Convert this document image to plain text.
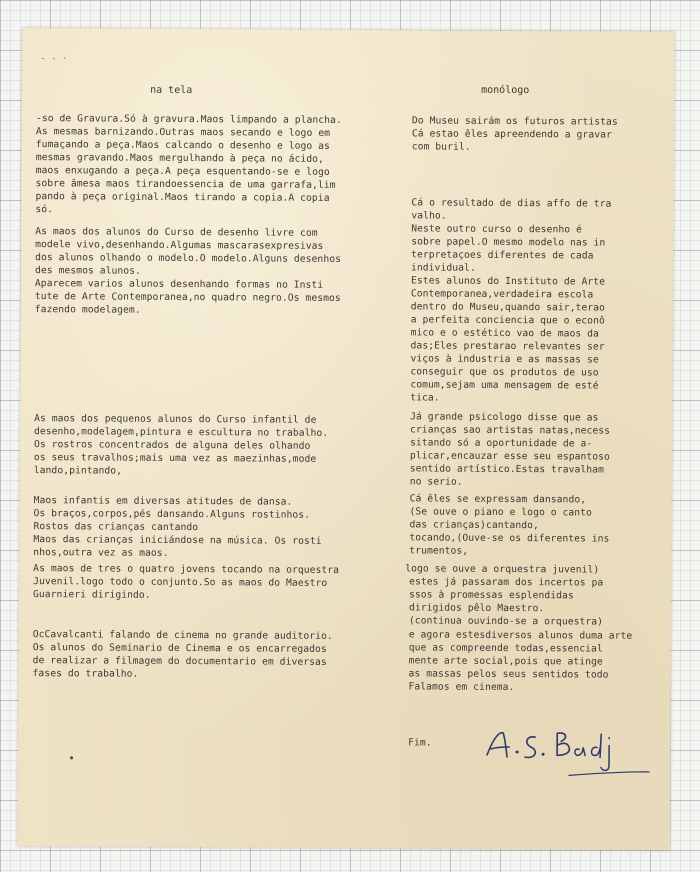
- - ·
na tela	monólogo
-so de Gravura.Só à gravura.Maos limpando a plancha.
As mesmas barnizando.Outras maos secando e logo em
fumaçando a peça.Maos calcando o desenho e logo as
mesmas gravando.Maos mergulhando à peça no ácido,
maos enxugando a peça.A peça esquentando-se e logo
sobre âmesa maos tirandoessencia de uma garrafa,lim
pando à peça original.Maos tirando a copia.A copia
só.
As maos dos alunos do Curso de desenho livre com
modele vivo,desenhando.Algumas mascarasexpresivas
dos alunos olhando o modelo.O modelo.Alguns desenhos
des mesmos alunos.
Aparecem varios alunos desenhando formas no Insti
tute de Arte Contemporanea,no quadro negro.Os mesmos
fazendo modelagem.
As maos dos pequenos alunos do Curso infantil de
desenho,modelagem,pintura e escultura no trabalho.
Os rostros concentrados de alguna deles olhando
os seus travalhos;mais uma vez as maezinhas,mode
lando,pintando,
Maos infantis em diversas atitudes de dansa.
Os braços,corpos,pés dansando.Alguns rostinhos.
Rostos das crianças cantando
Maos das crianças iniciándose na música. Os rosti
nhos,outra vez as maos.
As maos de tres o quatro jovens tocando na orquestra
Juvenil.logo todo o conjunto.So as maos do Maestro
Guarnieri dirigindo.
OcCavalcanti falando de cinema no grande auditorio.
Os alunos do Seminario de Cinema e os encarregados
de realizar a filmagem do documentario em diversas
fases do trabalho.
Do Museu sairám os futuros artistas
Cá estao êles apreendendo a gravar
com buril.
Cá o resultado de dias affo de tra
valho.
Neste outro curso o desenho é
sobre papel.O mesmo modelo nas in
terpretaçoes diferentes de cada
individual.
Estes alunos do Instituto de Arte
Contemporanea,verdadeira escola
dentro do Museu,quando sair,terao
a perfeita conciencia que o econô
mico e o estético vao de maos da
das;Eles prestarao relevantes ser
viços à industria e as massas se
conseguir que os produtos de uso
comum,sejam uma mensagem de esté
tica.
Já grande psicologo disse que as
crianças sao artistas natas,necess
sitando só a oportunidade de a-
plicar,encauzar esse seu espantoso
sentido artístico.Estas travalham
no serio.
Cá êles se expressam dansando,
(Se ouve o piano e logo o canto
das crianças)cantando,
tocando,(Ouve-se os diferentes ins
trumentos,
logo se ouve a orquestra juvenil)
estes já passaram dos incertos pa
ssos à promessas esplendidas
dirigidos pêlo Maestro.
(continua ouvindo-se a orquestra)
e agora estesdiversos alunos duma arte
que as compreende todas,essencial
mente arte social,pois que atinge
as massas pelos seus sentidos todo
Falamos em cinema.
Fim.
